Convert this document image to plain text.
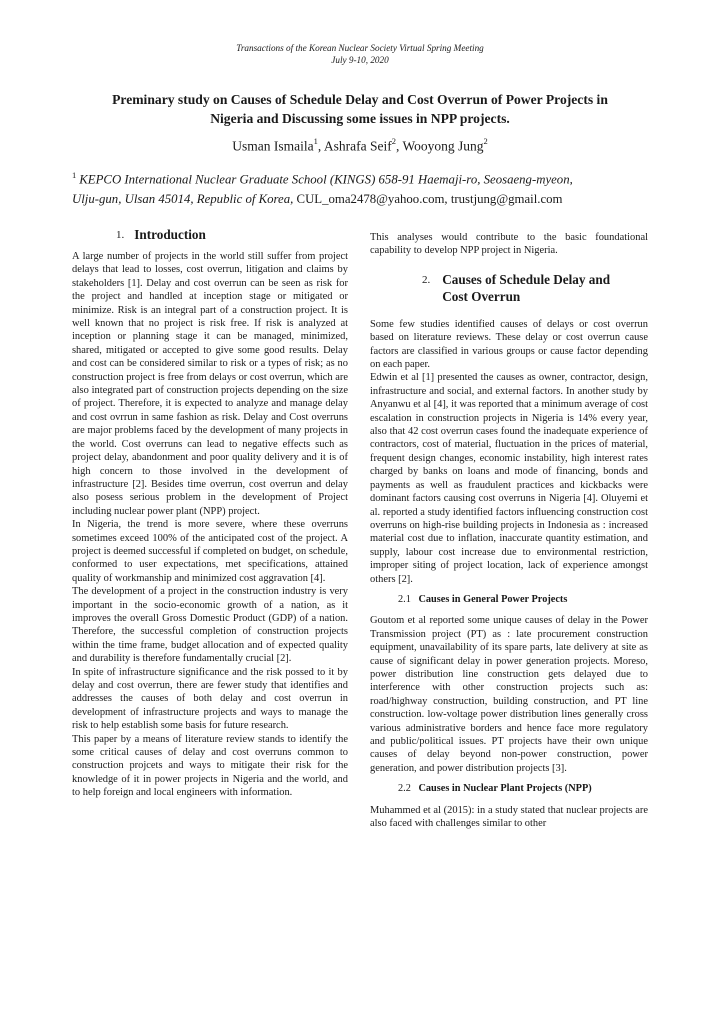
Transactions of the Korean Nuclear Society Virtual Spring Meeting
July 9-10, 2020
Preminary study on Causes of Schedule Delay and Cost Overrun of Power Projects in
Nigeria and Discussing some issues in NPP projects.
Usman Ismaila$^1$, Ashrafa Seif$^2$, Wooyong Jung$^2$
$^1$ KEPCO International Nuclear Graduate School (KINGS) 658-91 Haemaji-ro, Seosaeng-myeon,
Ulju-gun, Ulsan 45014, Republic of Korea, CUL_oma2478@yahoo.com, trustjung@gmail.com
1. Introduction

A large number of projects in the world still suffer from project delays that lead to losses, cost overrun, litigation and claims by stakeholders [1]. Delay and cost overrun can be seen as risk for the project and handled at inception stage or mitigated or minimize. Risk is an integral part of a construction project. It is well known that no project is risk free. If risk is analyzed at inception or planning stage it can be managed, minimized, shared, mitigated or accepted to give some good results. Delay and cost can be considered similar to risk or a types of risk; as no construction project is free from delays or cost overrun, which are also integrated part of construction projects depending on the size of project. Therefore, it is expected to analyze and manage delay and cost ovrrun in same fashion as risk. Delay and Cost overruns are major problems faced by the development of many projects in the world. Cost overruns can lead to negative effects such as project delay, abandonment and poor quality delivery and it is of high concern to those involved in the development of infrastructure [2]. Besides time overrun, cost overrun and delay also posess serious problem in the development of Project including nuclear power plant (NPP) project.

In Nigeria, the trend is more severe, where these overruns sometimes exceed 100% of the anticipated cost of the project. A project is deemed successful if completed on budget, on schedule, conformed to user expectations, met specifications, attained quality of workmanship and minimized cost aggravation [4].

The development of a project in the construction industry is very important in the socio-economic growth of a nation, as it improves the overall Gross Domestic Product (GDP) of a nation. Therefore, the successful completion of construction projects within the time frame, budget allocation and of expected quality and durability is therefore fundamentally crucial [2].

In spite of infrastructure significance and the risk possed to it by delay and cost overrun, there are fewer study that identifies and addresses the causes of both delay and cost overrun in development of infrastructure projects and ways to manage the risk to help establish some basis for future research.

This paper by a means of literature review stands to identify the some critical causes of delay and cost overruns common to construction projcets and ways to mitigate their risk for the knowledge of it in power projects in Nigeria and the world, and to help foreign and local engineers with information.

This analyses would contribute to the basic foundational capability to develop NPP project in Nigeria.

2. Causes of Schedule Delay and
Cost Overrun

Some few studies identified causes of delays or cost overrun based on literature reviews. These delay or cost overrun cause factors are classified in various groups or cause factor depending on each paper.

Edwin et al [1] presented the causes as owner, contractor, design, infrastructure and social, and external factors. In another study by Anyanwu et al [4], it was reported that a minimum average of cost escalation in construction projects in Nigeria is 14% every year, also that 42 cost overrun cases found the inadequate experience of contractors, cost of material, fluctuation in the prices of material, frequent design changes, economic instability, high interest rates charged by banks on loans and mode of financing, bonds and payments as well as fraudulent practices and kickbacks were dominant factors causing cost overruns in Nigeria [4]. Oluyemi et al. reported a study identified factors influencing construction cost overruns on high-rise building projects in Indonesia as : increased material cost due to inflation, inaccurate quantity estimation, and supply, labour cost increase due to environmental restriction, improper siting of project location, lack of experience amongst others [2].

2.1 Causes in General Power Projects

Goutom et al reported some unique causes of delay in the Power Transmission project (PT) as : late procurement construction equipment, unavailability of its spare parts, late delivery at site as cause of significant delay in power generation projects. Moreso, power distribution line construction gets delayed due to interference with other construction projects such as: road/highway construction, building construction, and PT line construction. low-voltage power distribution lines generally cross various administrative borders and hence face more regulatory and public/political issues. PT projects have their own unique causes of delay beyond non-power construction, power generation, and power distribution projects [3].

2.2 Causes in Nuclear Plant Projects (NPP)

Muhammed et al (2015): in a study stated that nuclear projects are also faced with challenges similar to other
